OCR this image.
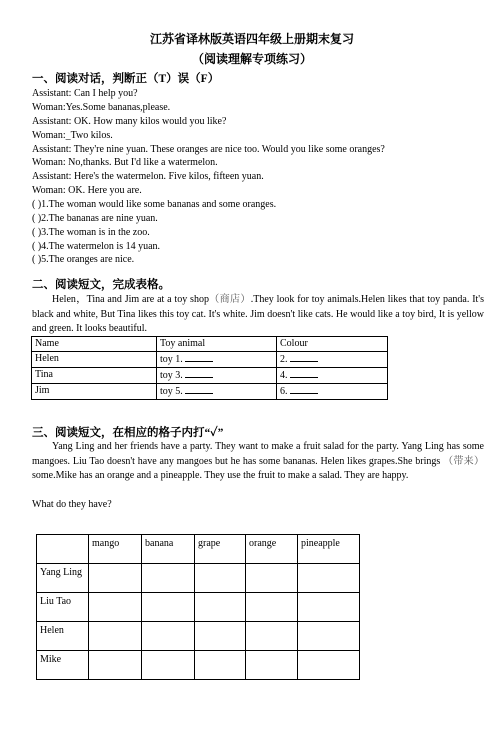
江苏省译林版英语四年级上册期末复习
（阅读理解专项练习）
一、阅读对话，判断正（T）误（F）
Assistant: Can I help you?
Woman:Yes.Some bananas,please.
Assistant: OK. How many kilos would you like?
Woman:_Two kilos.
Assistant: They're nine yuan. These oranges are nice too. Would you like some oranges?
Woman: No,thanks. But I'd like a watermelon.
Assistant: Here's the watermelon. Five kilos, fifteen yuan.
Woman: OK. Here you are.
( )1.The woman would like some bananas and some oranges.
( )2.The bananas are nine yuan.
( )3.The woman is in the zoo.
( )4.The watermelon is 14 yuan.
( )5.The oranges are nice.
二、阅读短文，完成表格。
Helen，Tina and Jim are at a toy shop（商店）.They look for toy animals.Helen likes that toy panda. It's black and white, But Tina likes this toy cat. It's white. Jim doesn't like cats. He would like a toy bird, It is yellow and green. It looks beautiful.
Name	Toy animal	Colour
Helen	toy 1.	2.
Tina	toy 3.	4.
Jim	toy 5.	6.
三、阅读短文，在相应的格子内打“✓”
Yang Ling and her friends have a party. They want to make a fruit salad for the party. Yang Ling has some mangoes. Liu Tao doesn't have any mangoes but he has some bananas. Helen likes grapes.She brings （带来）some.Mike has an orange and a pineapple. They use the fruit to make a salad. They are happy.
What do they have?
	mango	banana	grape	orange	pineapple
Yang Ling					
Liu Tao					
Helen					
Mike					
